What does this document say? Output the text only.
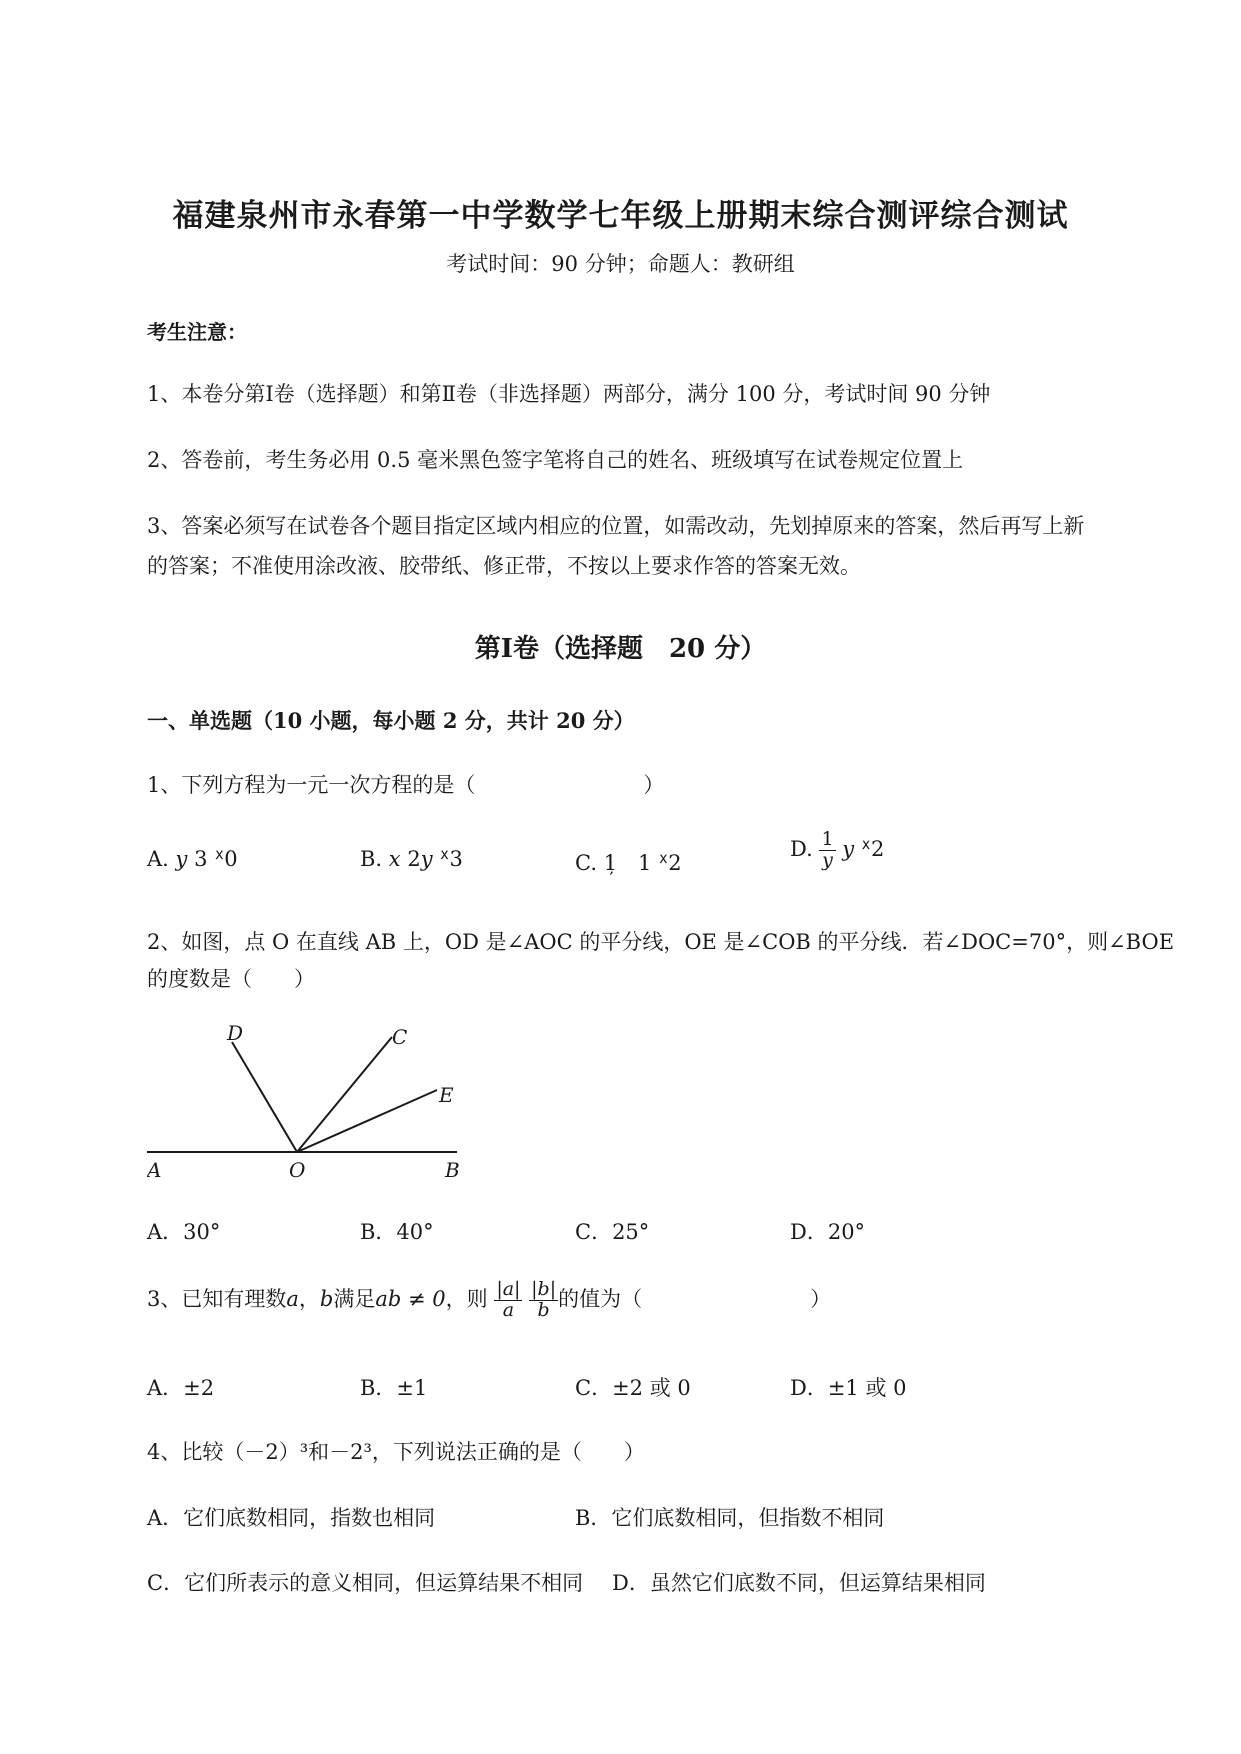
福建泉州市永春第一中学数学七年级上册期末综合测评综合测试
考试时间：90 分钟；命题人：教研组
考生注意：
1、本卷分第Ⅰ卷（选择题）和第Ⅱ卷（非选择题）两部分，满分 100 分，考试时间 90 分钟
2、答卷前，考生务必用 0.5 毫米黑色签字笔将自己的姓名、班级填写在试卷规定位置上
3、答案必须写在试卷各个题目指定区域内相应的位置，如需改动，先划掉原来的答案，然后再写上新
的答案；不准使用涂改液、胶带纸、修正带，不按以上要求作答的答案无效。
第Ⅰ卷（选择题　20 分）
一、单选题（10 小题，每小题 2 分，共计 20 分）
1、下列方程为一元一次方程的是（　　　　　　　　）
A. y 3 ᕽ0	B. x 2y ᕽ3	C. 1̦　1 ᕽ2
D. $\frac{1}{y}$ y ᕽ2
2、如图，点 O 在直线 AB 上，OD 是∠AOC 的平分线，OE 是∠COB 的平分线．若∠DOC=70°，则∠BOE
的度数是（　　）
A	O	B
D	C
E
A．30°	B．40°	C．25°	D．20°
3、已知有理数a，b满足ab ≠ 0，则 $\frac{|a|}{a}$
$\frac{|b|}{b}$ 的值为（　　　　　　　　）
A．±2	B．±1	C．±2 或 0	D．±1 或 0
4、比较（－2）³和－2³，下列说法正确的是（　　）
A．它们底数相同，指数也相同	B．它们底数相同，但指数不相同
C．它们所表示的意义相同，但运算结果不相同 D．虽然它们底数不同，但运算结果相同
